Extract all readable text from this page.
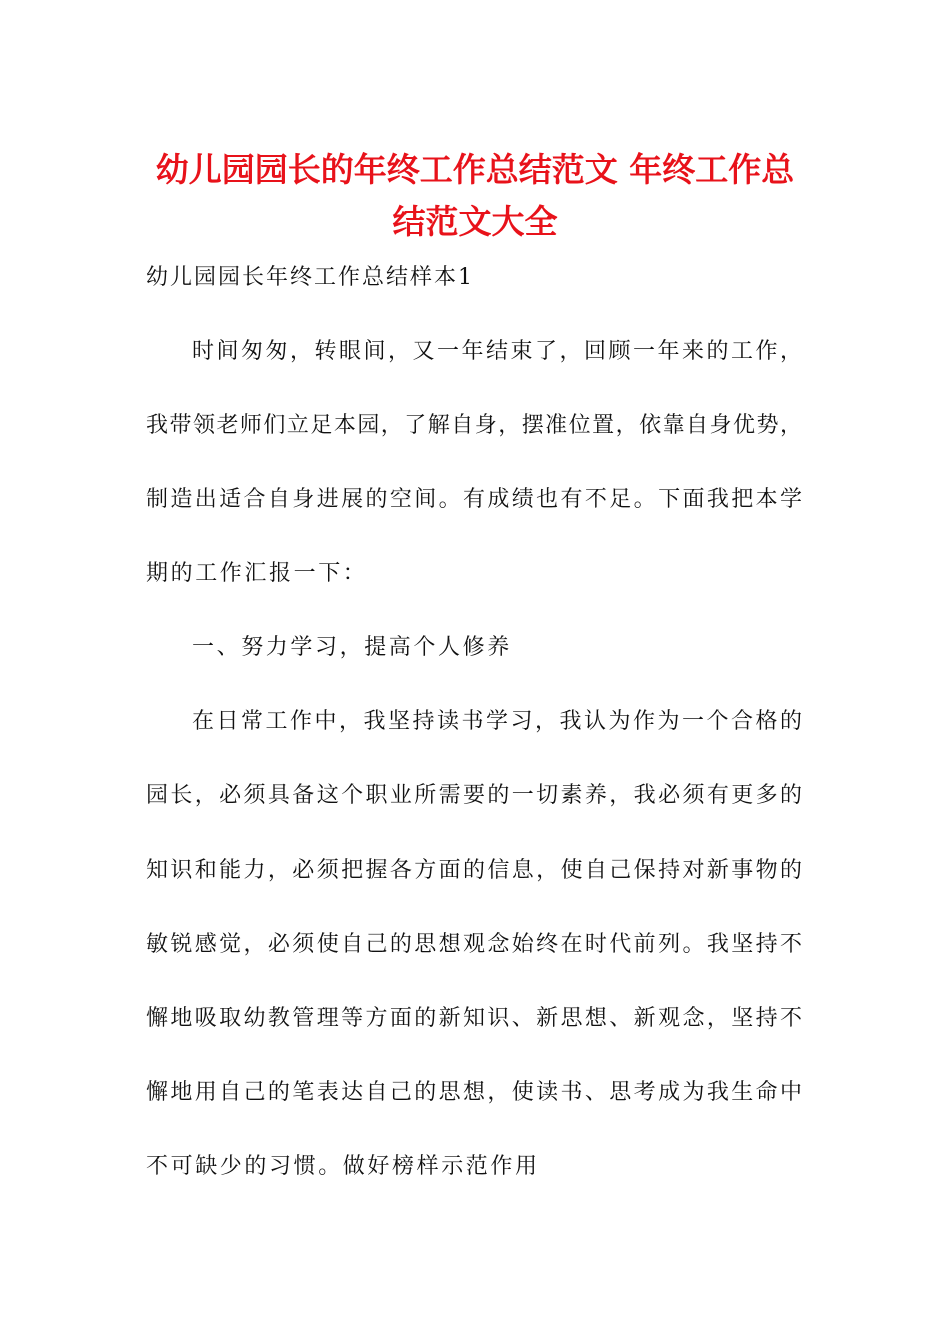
幼儿园园长的年终工作总结范文 年终工作总
结范文大全

幼儿园园长年终工作总结样本1

时间匆匆，转眼间，又一年结束了，回顾一年来的工作，

我带领老师们立足本园，了解自身，摆准位置，依靠自身优势，

制造出适合自身进展的空间。有成绩也有不足。下面我把本学

期的工作汇报一下：

一、努力学习，提高个人修养

在日常工作中，我坚持读书学习，我认为作为一个合格的

园长，必须具备这个职业所需要的一切素养，我必须有更多的

知识和能力，必须把握各方面的信息，使自己保持对新事物的

敏锐感觉，必须使自己的思想观念始终在时代前列。我坚持不

懈地吸取幼教管理等方面的新知识、新思想、新观念，坚持不

懈地用自己的笔表达自己的思想，使读书、思考成为我生命中

不可缺少的习惯。做好榜样示范作用
